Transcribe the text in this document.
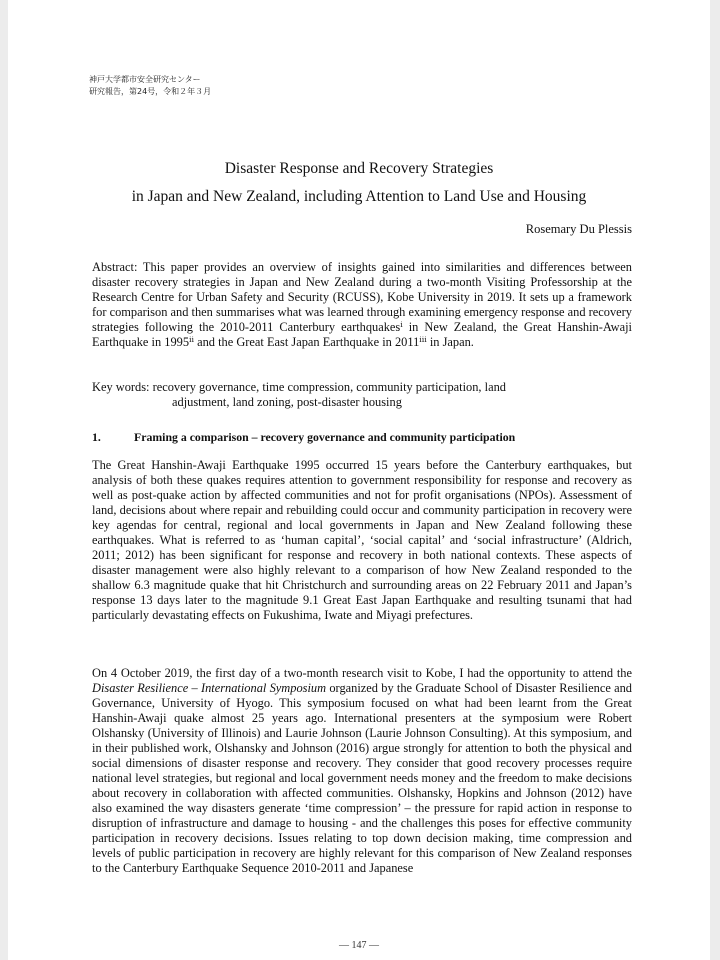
神戸大学都市安全研究センター
研究報告，第24号，令和２年３月
Disaster Response and Recovery Strategies
in Japan and New Zealand, including Attention to Land Use and Housing
Rosemary Du Plessis
Abstract: This paper provides an overview of insights gained into similarities and differences between disaster recovery strategies in Japan and New Zealand during a two-month Visiting Professorship at the Research Centre for Urban Safety and Security (RCUSS), Kobe University in 2019. It sets up a framework for comparison and then summarises what was learned through examining emergency response and recovery strategies following the 2010-2011 Canterbury earthquakesⁱ in New Zealand, the Great Hanshin-Awaji Earthquake in 1995ⁱⁱ and the Great East Japan Earthquake in 2011ⁱⁱⁱ in Japan.
Key words: recovery governance, time compression, community participation, land
adjustment, land zoning, post-disaster housing
1.	Framing a comparison – recovery governance and community participation
The Great Hanshin-Awaji Earthquake 1995 occurred 15 years before the Canterbury earthquakes, but analysis of both these quakes requires attention to government responsibility for response and recovery as well as post-quake action by affected communities and not for profit organisations (NPOs). Assessment of land, decisions about where repair and rebuilding could occur and community participation in recovery were key agendas for central, regional and local governments in Japan and New Zealand following these earthquakes. What is referred to as ‘human capital’, ‘social capital’ and ‘social infrastructure’ (Aldrich, 2011; 2012) has been significant for response and recovery in both national contexts. These aspects of disaster management were also highly relevant to a comparison of how New Zealand responded to the shallow 6.3 magnitude quake that hit Christchurch and surrounding areas on 22 February 2011 and Japan’s response 13 days later to the magnitude 9.1 Great East Japan Earthquake and resulting tsunami that had particularly devastating effects on Fukushima, Iwate and Miyagi prefectures.
On 4 October 2019, the first day of a two-month research visit to Kobe, I had the opportunity to attend the Disaster Resilience – International Symposium organized by the Graduate School of Disaster Resilience and Governance, University of Hyogo. This symposium focused on what had been learnt from the Great Hanshin-Awaji quake almost 25 years ago. International presenters at the symposium were Robert Olshansky (University of Illinois) and Laurie Johnson (Laurie Johnson Consulting). At this symposium, and in their published work, Olshansky and Johnson (2016) argue strongly for attention to both the physical and social dimensions of disaster response and recovery. They consider that good recovery processes require national level strategies, but regional and local government needs money and the freedom to make decisions about recovery in collaboration with affected communities. Olshansky, Hopkins and Johnson (2012) have also examined the way disasters generate ‘time compression’ – the pressure for rapid action in response to disruption of infrastructure and damage to housing - and the challenges this poses for effective community participation in recovery decisions. Issues relating to top down decision making, time compression and levels of public participation in recovery are highly relevant for this comparison of New Zealand responses to the Canterbury Earthquake Sequence 2010-2011 and Japanese
— 147 —
